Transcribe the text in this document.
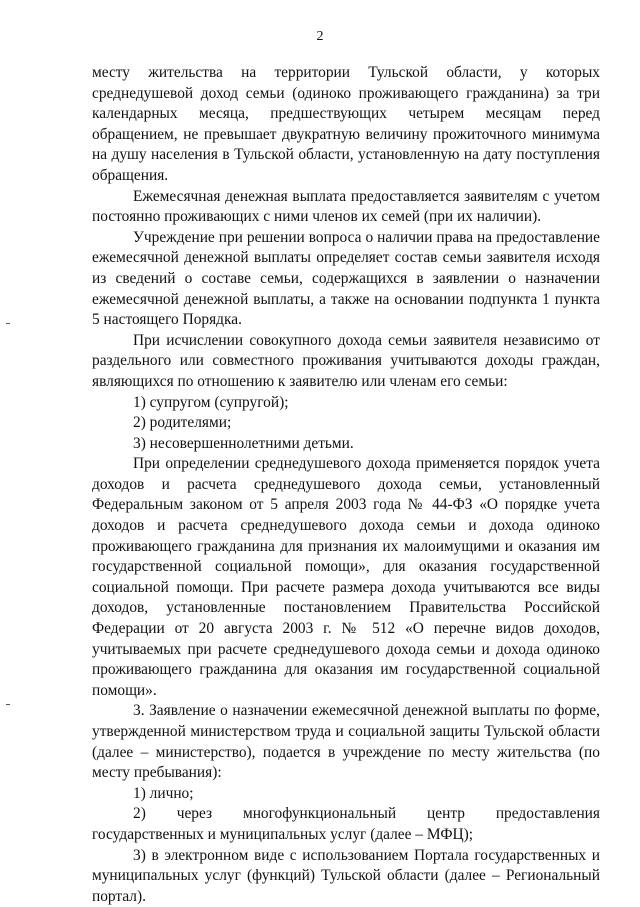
2

месту жительства на территории Тульской области, у которых среднедушевой доход семьи (одиноко проживающего гражданина) за три календарных месяца, предшествующих четырем месяцам перед обращением, не превышает двукратную величину прожиточного минимума на душу населения в Тульской области, установленную на дату поступления обращения.

Ежемесячная денежная выплата предоставляется заявителям с учетом постоянно проживающих с ними членов их семей (при их наличии).

Учреждение при решении вопроса о наличии права на предоставление ежемесячной денежной выплаты определяет состав семьи заявителя исходя из сведений о составе семьи, содержащихся в заявлении о назначении ежемесячной денежной выплаты, а также на основании подпункта 1 пункта 5 настоящего Порядка.

При исчислении совокупного дохода семьи заявителя независимо от раздельного или совместного проживания учитываются доходы граждан, являющихся по отношению к заявителю или членам его семьи:

1) супругом (супругой);

2) родителями;

3) несовершеннолетними детьми.

При определении среднедушевого дохода применяется порядок учета доходов и расчета среднедушевого дохода семьи, установленный Федеральным законом от 5 апреля 2003 года № 44-ФЗ «О порядке учета доходов и расчета среднедушевого дохода семьи и дохода одиноко проживающего гражданина для признания их малоимущими и оказания им государственной социальной помощи», для оказания государственной социальной помощи. При расчете размера дохода учитываются все виды доходов, установленные постановлением Правительства Российской Федерации от 20 августа 2003 г. № 512 «О перечне видов доходов, учитываемых при расчете среднедушевого дохода семьи и дохода одиноко проживающего гражданина для оказания им государственной социальной помощи».

3. Заявление о назначении ежемесячной денежной выплаты по форме, утвержденной министерством труда и социальной защиты Тульской области (далее – министерство), подается в учреждение по месту жительства (по месту пребывания):

1) лично;

2) через многофункциональный центр предоставления государственных и муниципальных услуг (далее – МФЦ);

3) в электронном виде с использованием Портала государственных и муниципальных услуг (функций) Тульской области (далее – Региональный портал).
